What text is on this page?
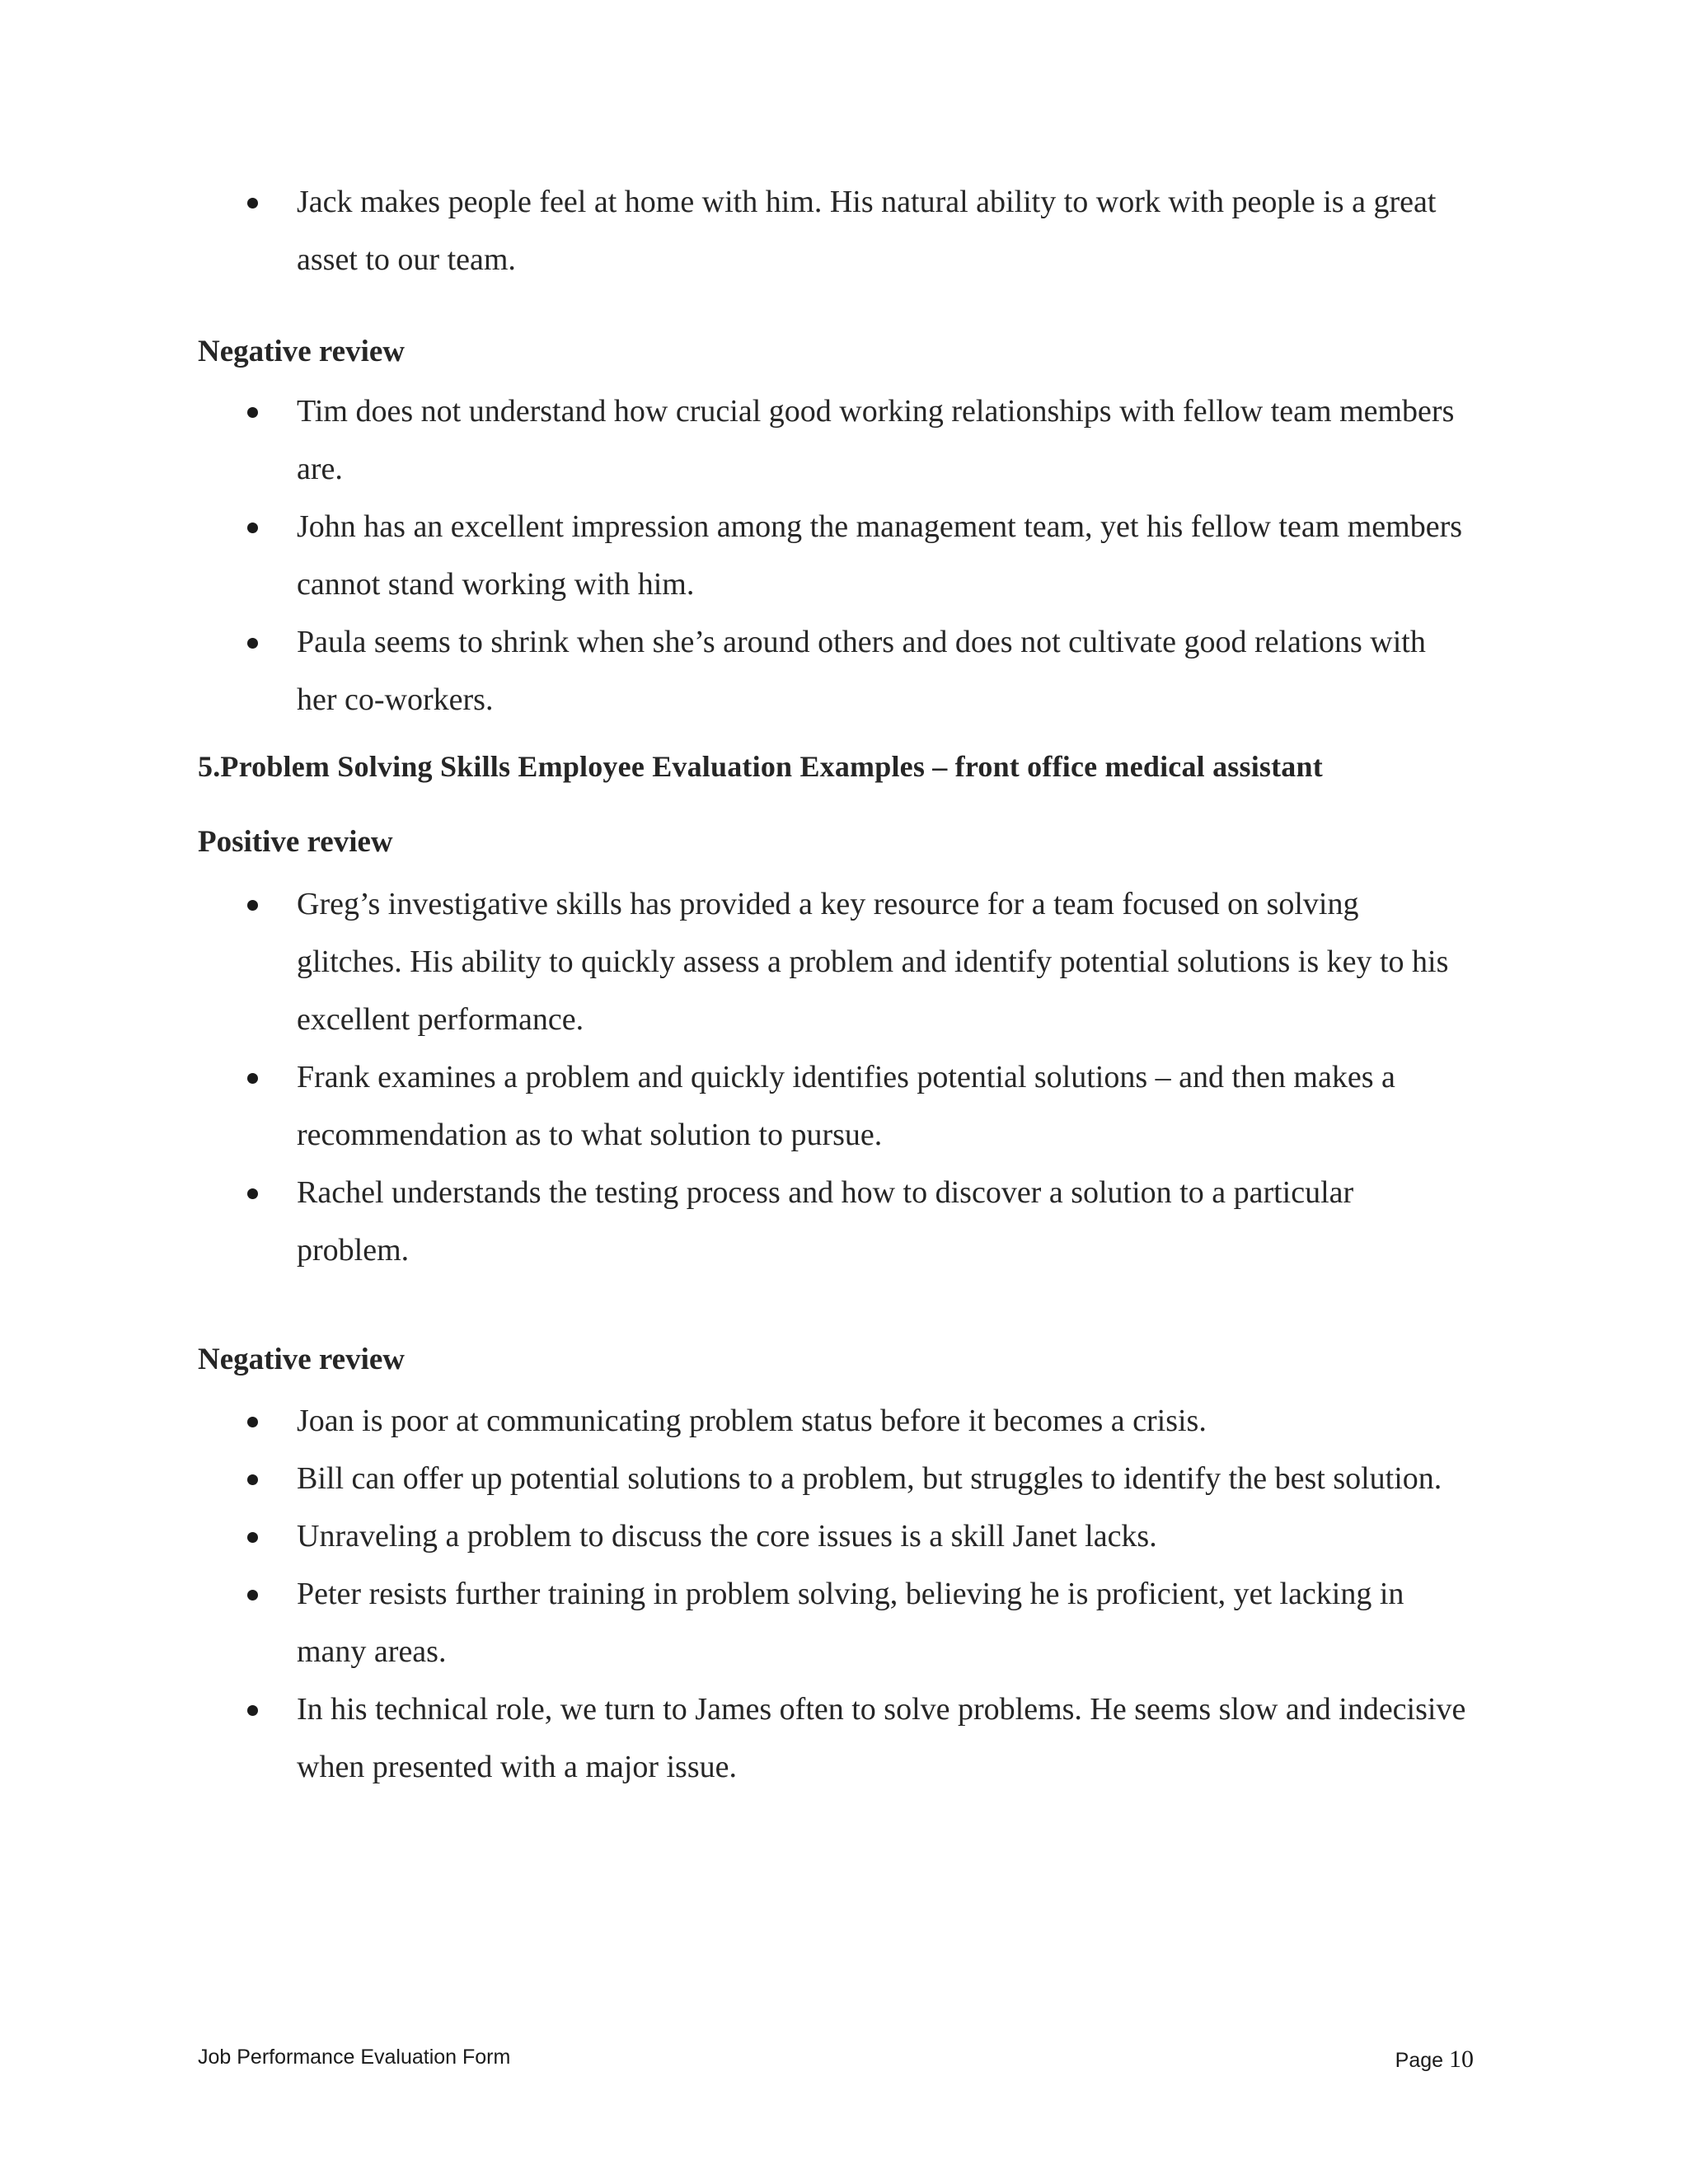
Jack makes people feel at home with him. His natural ability to work with people is a great asset to our team.
Negative review
Tim does not understand how crucial good working relationships with fellow team members are.
John has an excellent impression among the management team, yet his fellow team members cannot stand working with him.
Paula seems to shrink when she’s around others and does not cultivate good relations with her co-workers.
5.Problem Solving Skills Employee Evaluation Examples – front office medical assistant
Positive review
Greg’s investigative skills has provided a key resource for a team focused on solving glitches. His ability to quickly assess a problem and identify potential solutions is key to his excellent performance.
Frank examines a problem and quickly identifies potential solutions – and then makes a recommendation as to what solution to pursue.
Rachel understands the testing process and how to discover a solution to a particular problem.
Negative review
Joan is poor at communicating problem status before it becomes a crisis.
Bill can offer up potential solutions to a problem, but struggles to identify the best solution.
Unraveling a problem to discuss the core issues is a skill Janet lacks.
Peter resists further training in problem solving, believing he is proficient, yet lacking in many areas.
In his technical role, we turn to James often to solve problems. He seems slow and indecisive when presented with a major issue.
Job Performance Evaluation Form	Page 10
